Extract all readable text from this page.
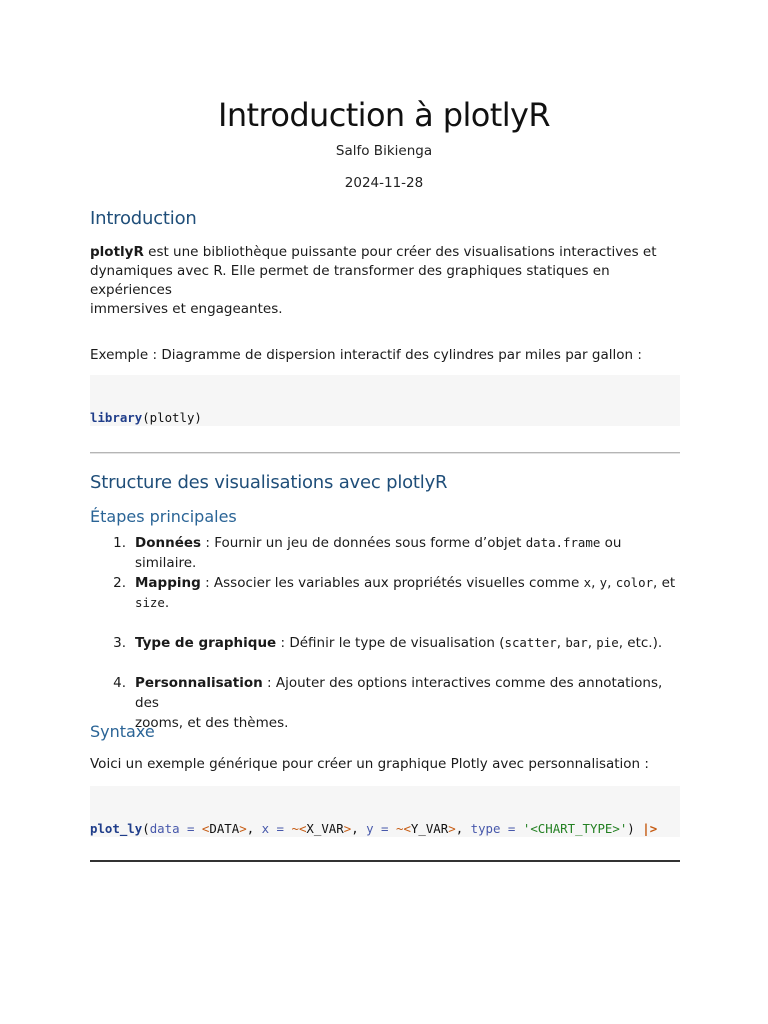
Introduction à plotlyR
Salfo Bikienga
2024-11-28
Introduction
plotlyR est une bibliothèque puissante pour créer des visualisations interactives et
dynamiques avec R. Elle permet de transformer des graphiques statiques en expériences
immersives et engageantes.
Exemple : Diagramme de dispersion interactif des cylindres par miles par gallon :

library(plotly)

Structure des visualisations avec plotlyR
Étapes principales
1. Données : Fournir un jeu de données sous forme d’objet data.frame ou similaire.
2. Mapping : Associer les variables aux propriétés visuelles comme x, y, color, et
size.
3. Type de graphique : Définir le type de visualisation (scatter, bar, pie, etc.).
4. Personnalisation : Ajouter des options interactives comme des annotations, des
zooms, et des thèmes.
Syntaxe
Voici un exemple générique pour créer un graphique Plotly avec personnalisation :

plot_ly(data = <DATA>, x = ~<X_VAR>, y = ~<Y_VAR>, type = '<CHART_TYPE>') |>
